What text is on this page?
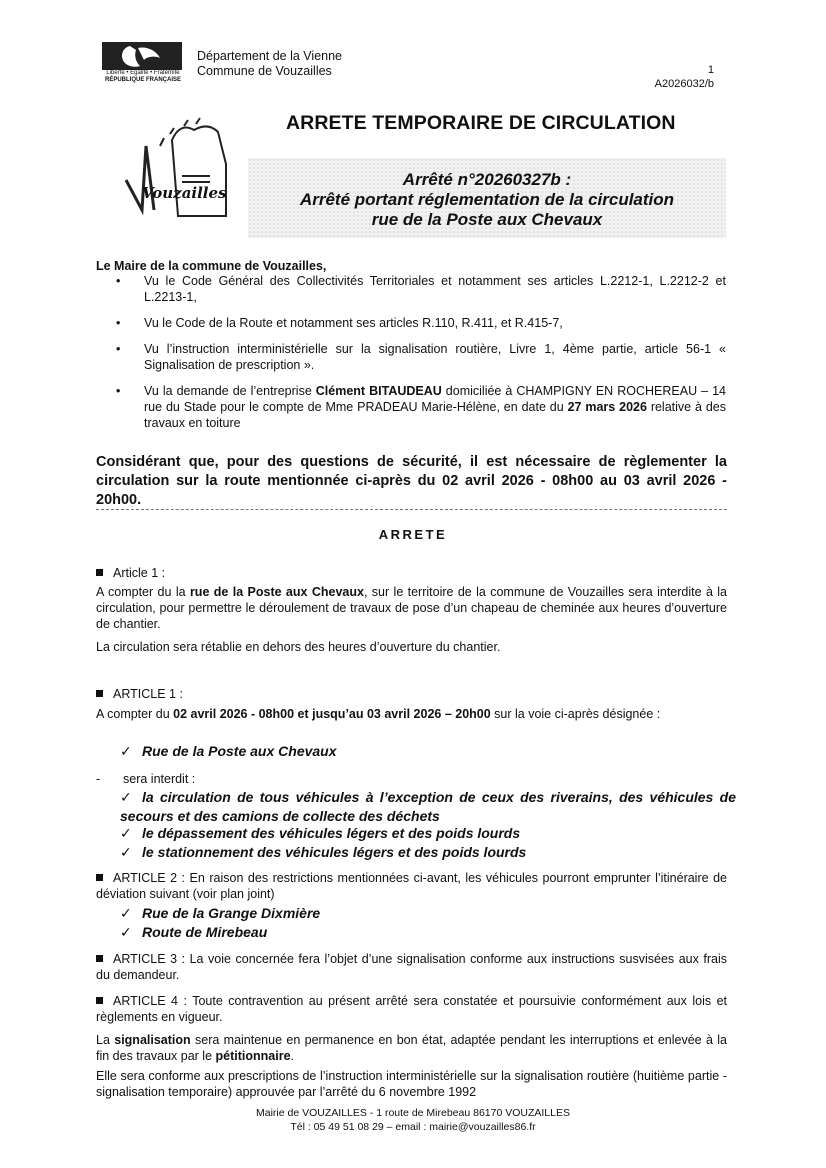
Liberté • Égalité • Fraternité
RÉPUBLIQUE FRANÇAISE
Département de la Vienne
Commune de Vouzailles	1
A2026032/b
ARRETE TEMPORAIRE DE CIRCULATION
Vouzailles
Arrêté n°20260327b :
Arrêté portant réglementation de la circulation
rue de la Poste aux Chevaux
Le Maire de la commune de Vouzailles,
• Vu le Code Général des Collectivités Territoriales et notamment ses articles L.2212-1, L.2212-2 et L.2213-1,
• Vu le Code de la Route et notamment ses articles R.110, R.411, et R.415-7,
• Vu l’instruction interministérielle sur la signalisation routière, Livre 1, 4ème partie, article 56-1 « Signalisation de prescription ».
• Vu la demande de l’entreprise Clément BITAUDEAU domiciliée à CHAMPIGNY EN ROCHEREAU – 14 rue du Stade pour le compte de Mme PRADEAU Marie-Hélène, en date du 27 mars 2026 relative à des travaux en toiture
Considérant que, pour des questions de sécurité, il est nécessaire de règlementer la circulation sur la route mentionnée ci-après du 02 avril 2026 - 08h00 au 03 avril 2026 - 20h00.
ARRETE
Article 1 :
A compter du la rue de la Poste aux Chevaux, sur le territoire de la commune de Vouzailles sera interdite à la circulation, pour permettre le déroulement de travaux de pose d’un chapeau de cheminée aux heures d’ouverture de chantier.
La circulation sera rétablie en dehors des heures d’ouverture du chantier.
ARTICLE 1 :
A compter du 02 avril 2026 - 08h00 et jusqu’au 03 avril 2026 – 20h00 sur la voie ci-après désignée :
✓ Rue de la Poste aux Chevaux
- sera interdit :
✓ la circulation de tous véhicules à l’exception de ceux des riverains, des véhicules de secours et des camions de collecte des déchets
✓ le dépassement des véhicules légers et des poids lourds
✓ le stationnement des véhicules légers et des poids lourds
ARTICLE 2 : En raison des restrictions mentionnées ci-avant, les véhicules pourront emprunter l’itinéraire de déviation suivant (voir plan joint)
✓ Rue de la Grange Dixmière
✓ Route de Mirebeau
ARTICLE 3 : La voie concernée fera l’objet d’une signalisation conforme aux instructions susvisées aux frais du demandeur.
ARTICLE 4 : Toute contravention au présent arrêté sera constatée et poursuivie conformément aux lois et règlements en vigueur.
La signalisation sera maintenue en permanence en bon état, adaptée pendant les interruptions et enlevée à la fin des travaux par le pétitionnaire.
Elle sera conforme aux prescriptions de l’instruction interministérielle sur la signalisation routière (huitième partie - signalisation temporaire) approuvée par l’arrêté du 6 novembre 1992
Mairie de VOUZAILLES - 1 route de Mirebeau 86170 VOUZAILLES
Tél : 05 49 51 08 29 – email : mairie@vouzailles86.fr
